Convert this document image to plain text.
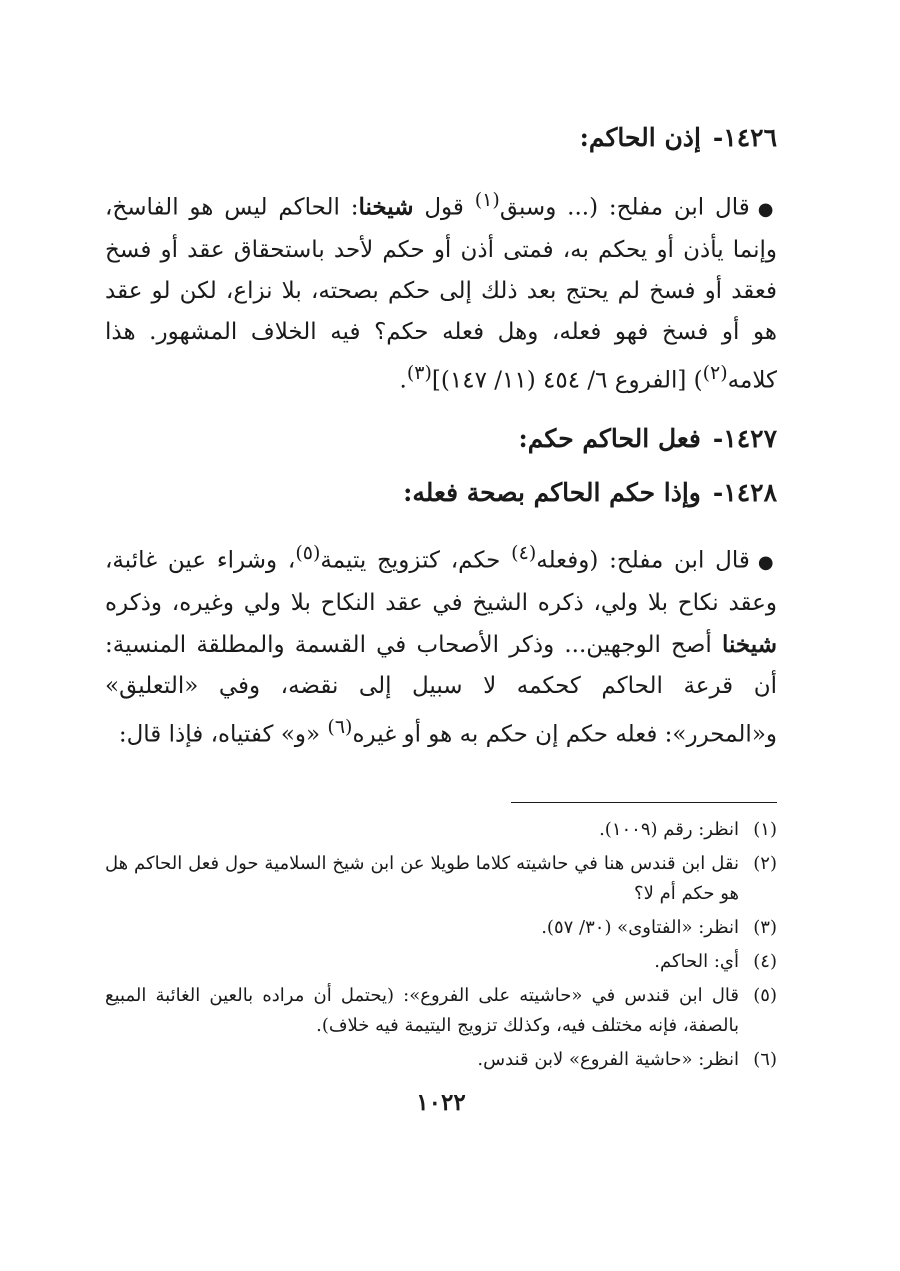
١٤٢٦-إذن الحاكم:

●قال ابن مفلح: (... وسبق$^{(١)}$ قول شيخنا: الحاكم ليس هو الفاسخ، وإنما يأذن أو يحكم به، فمتى أذن أو حكم لأحد باستحقاق عقد أو فسخ فعقد أو فسخ لم يحتج بعد ذلك إلى حكم بصحته، بلا نزاع، لكن لو عقد هو أو فسخ فهو فعله، وهل فعله حكم؟ فيه الخلاف المشهور. هذا كلامه$^{(٢)}$) [الفروع ٦/ ٤٥٤ (١١/ ١٤٧)]$^{(٣)}$.

١٤٢٧-فعل الحاكم حكم:

١٤٢٨-وإذا حكم الحاكم بصحة فعله:

●قال ابن مفلح: (وفعله$^{(٤)}$ حكم، كتزويج يتيمة$^{(٥)}$، وشراء عين غائبة، وعقد نكاح بلا ولي، ذكره الشيخ في عقد النكاح بلا ولي وغيره، وذكره شيخنا أصح الوجهين... وذكر الأصحاب في القسمة والمطلقة المنسية: أن قرعة الحاكم كحكمه لا سبيل إلى نقضه، وفي «التعليق» و«المحرر»: فعله حكم إن حكم به هو أو غيره$^{(٦)}$ «و» كفتياه، فإذا قال:

(١)
انظر: رقم (١٠٠٩).
(٢)
نقل ابن قندس هنا في حاشيته كلاما طويلا عن ابن شيخ السلامية حول فعل الحاكم هل هو حكم أم لا؟
(٣)
انظر: «الفتاوى» (٣٠/ ٥٧).
(٤)
أي: الحاكم.
(٥)
قال ابن قندس في «حاشيته على الفروع»: (يحتمل أن مراده بالعين الغائبة المبيع بالصفة، فإنه مختلف فيه، وكذلك تزويج اليتيمة فيه خلاف).
(٦)
انظر: «حاشية الفروع» لابن قندس.
١٠٢٢
